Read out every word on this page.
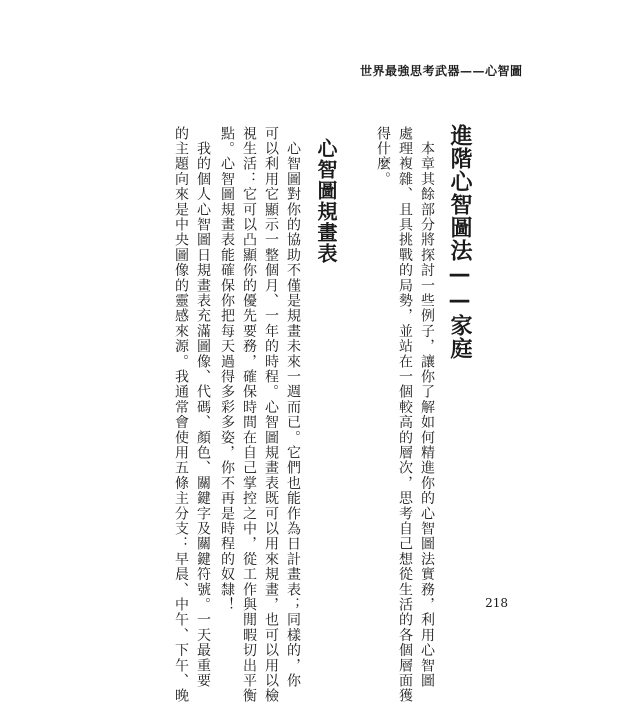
世界最強思考武器——心智圖
進階心智圖法——家庭
　本章其餘部分將探討一些例子，讓你了解如何精進你的心智圖法實務，利用心智圖
處理複雜、且具挑戰的局勢，並站在一個較高的層次，思考自己想從生活的各個層面獲
得什麼。
心智圖規畫表
　心智圖對你的協助不僅是規畫未來一週而已。它們也能作為日計畫表；同樣的，你
可以利用它顯示一整個月、一年的時程。心智圖規畫表既可以用來規畫，也可以用以檢
視生活：它可以凸顯你的優先要務，確保時間在自己掌控之中，從工作與閒暇切出平衡
點。心智圖規畫表能確保你把每天過得多彩多姿，你不再是時程的奴隸！
　我的個人心智圖日規畫表充滿圖像、代碼、顏色、關鍵字及關鍵符號。一天最重要
的主題向來是中央圖像的靈感來源。我通常會使用五條主分支：早晨、中午、下午、晚	218
